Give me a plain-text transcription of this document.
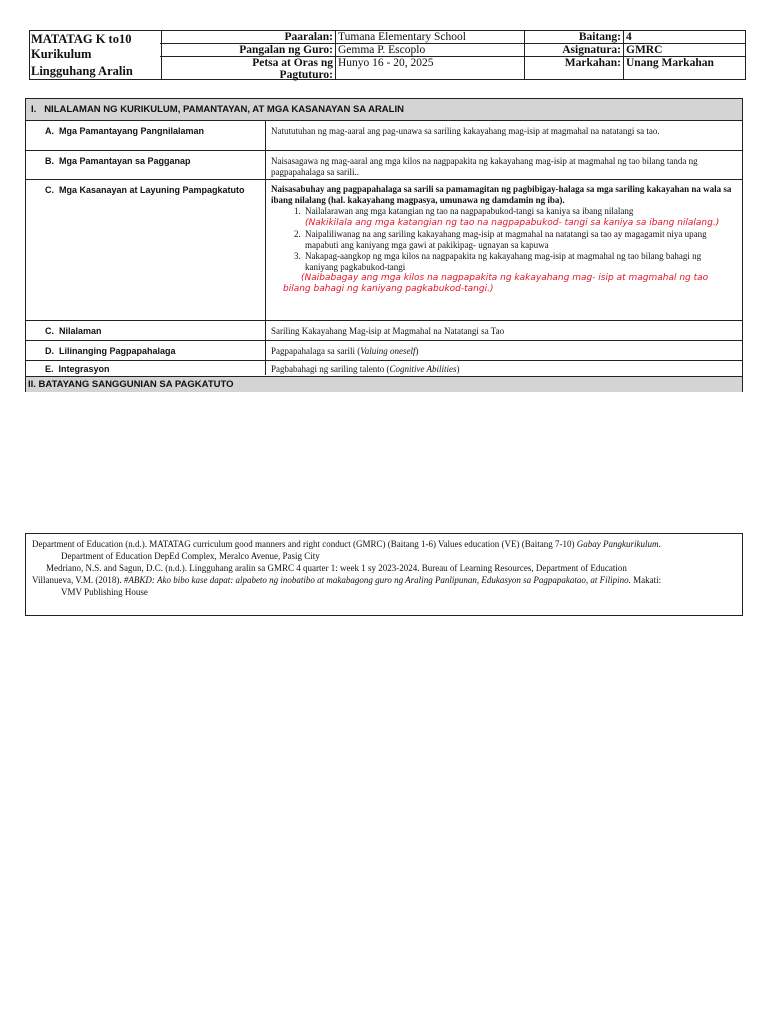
MATATAG K to10
Kurikulum
Lingguhang Aralin
Paaralan: Tumana Elementary School	Baitang: 4
Pangalan ng Guro: Gemma P. Escoplo	Asignatura: GMRC
Petsa at Oras ng Pagtuturo:
Hunyo 16 - 20, 2025	Markahan: Unang Markahan
I.   NILALAMAN NG KURIKULUM, PAMANTAYAN, AT MGA KASANAYAN SA ARALIN
A.  Mga Pamantayang Pangnilalaman	Natututuhan ng mag-aaral ang pag-unawa sa sariling kakayahang mag-isip at magmahal na natatangi sa tao.
B.  Mga Pamantayan sa Pagganap	Naisasagawa ng mag-aaral ang mga kilos na nagpapakita ng kakayahang mag-isip at magmahal ng tao bilang tanda ng pagpapahalaga sa sarili..
C.  Mga Kasanayan at Layuning Pampagkatuto	Naisasabuhay ang pagpapahalaga sa sarili sa pamamagitan ng pagbibigay-halaga sa mga sariling kakayahan na wala sa ibang nilalang (hal. kakayahang magpasya, umunawa ng damdamin ng iba).
1. Nailalarawan ang mga katangian ng tao na nagpapabukod-tangi sa kaniya sa ibang nilalang
(Nakikilala ang mga katangian ng tao na nagpapabukod- tangi sa kaniya sa ibang nilalang.)
2. Naipaliliwanag na ang sariling kakayahang mag-isip at magmahal na natatangi sa tao ay magagamit niya upang mapabuti ang kaniyang mga gawi at pakikipag- ugnayan sa kapuwa
3. Nakapag-aangkop ng mga kilos na nagpapakita ng kakayahang mag-isip at magmahal ng tao bilang bahagi ng kaniyang pagkabukod-tangi
(Naibabagay ang mga kilos na nagpapakita ng kakayahang mag- isip at magmahal ng tao bilang bahagi ng kaniyang pagkabukod-tangi.)
C.  Nilalaman	Sariling Kakayahang Mag-isip at Magmahal na Natatangi sa Tao
D.  Lilinanging Pagpapahalaga	Pagpapahalaga sa sarili (Valuing oneself)
E.  Integrasyon	Pagbabahagi ng sariling talento (Cognitive Abilities)
II. BATAYANG SANGGUNIAN SA PAGKATUTO

Department of Education (n.d.). MATATAG curriculum good manners and right conduct (GMRC) (Baitang 1-6) Values education (VE) (Baitang 7-10) Gabay Pangkurikulum.

Department of Education DepEd Complex, Meralco Avenue, Pasig City

Medriano, N.S. and Sagun, D.C. (n.d.). Lingguhang aralin sa GMRC 4 quarter 1: week 1 sy 2023-2024. Bureau of Learning Resources, Department of Education

Villanueva, V.M. (2018). #ABKD: Ako bibo kase dapat: alpabeto ng inobatibo at makabagong guro ng Araling Panlipunan, Edukasyon sa Pagpapakatao, at Filipino. Makati:

VMV Publishing House
